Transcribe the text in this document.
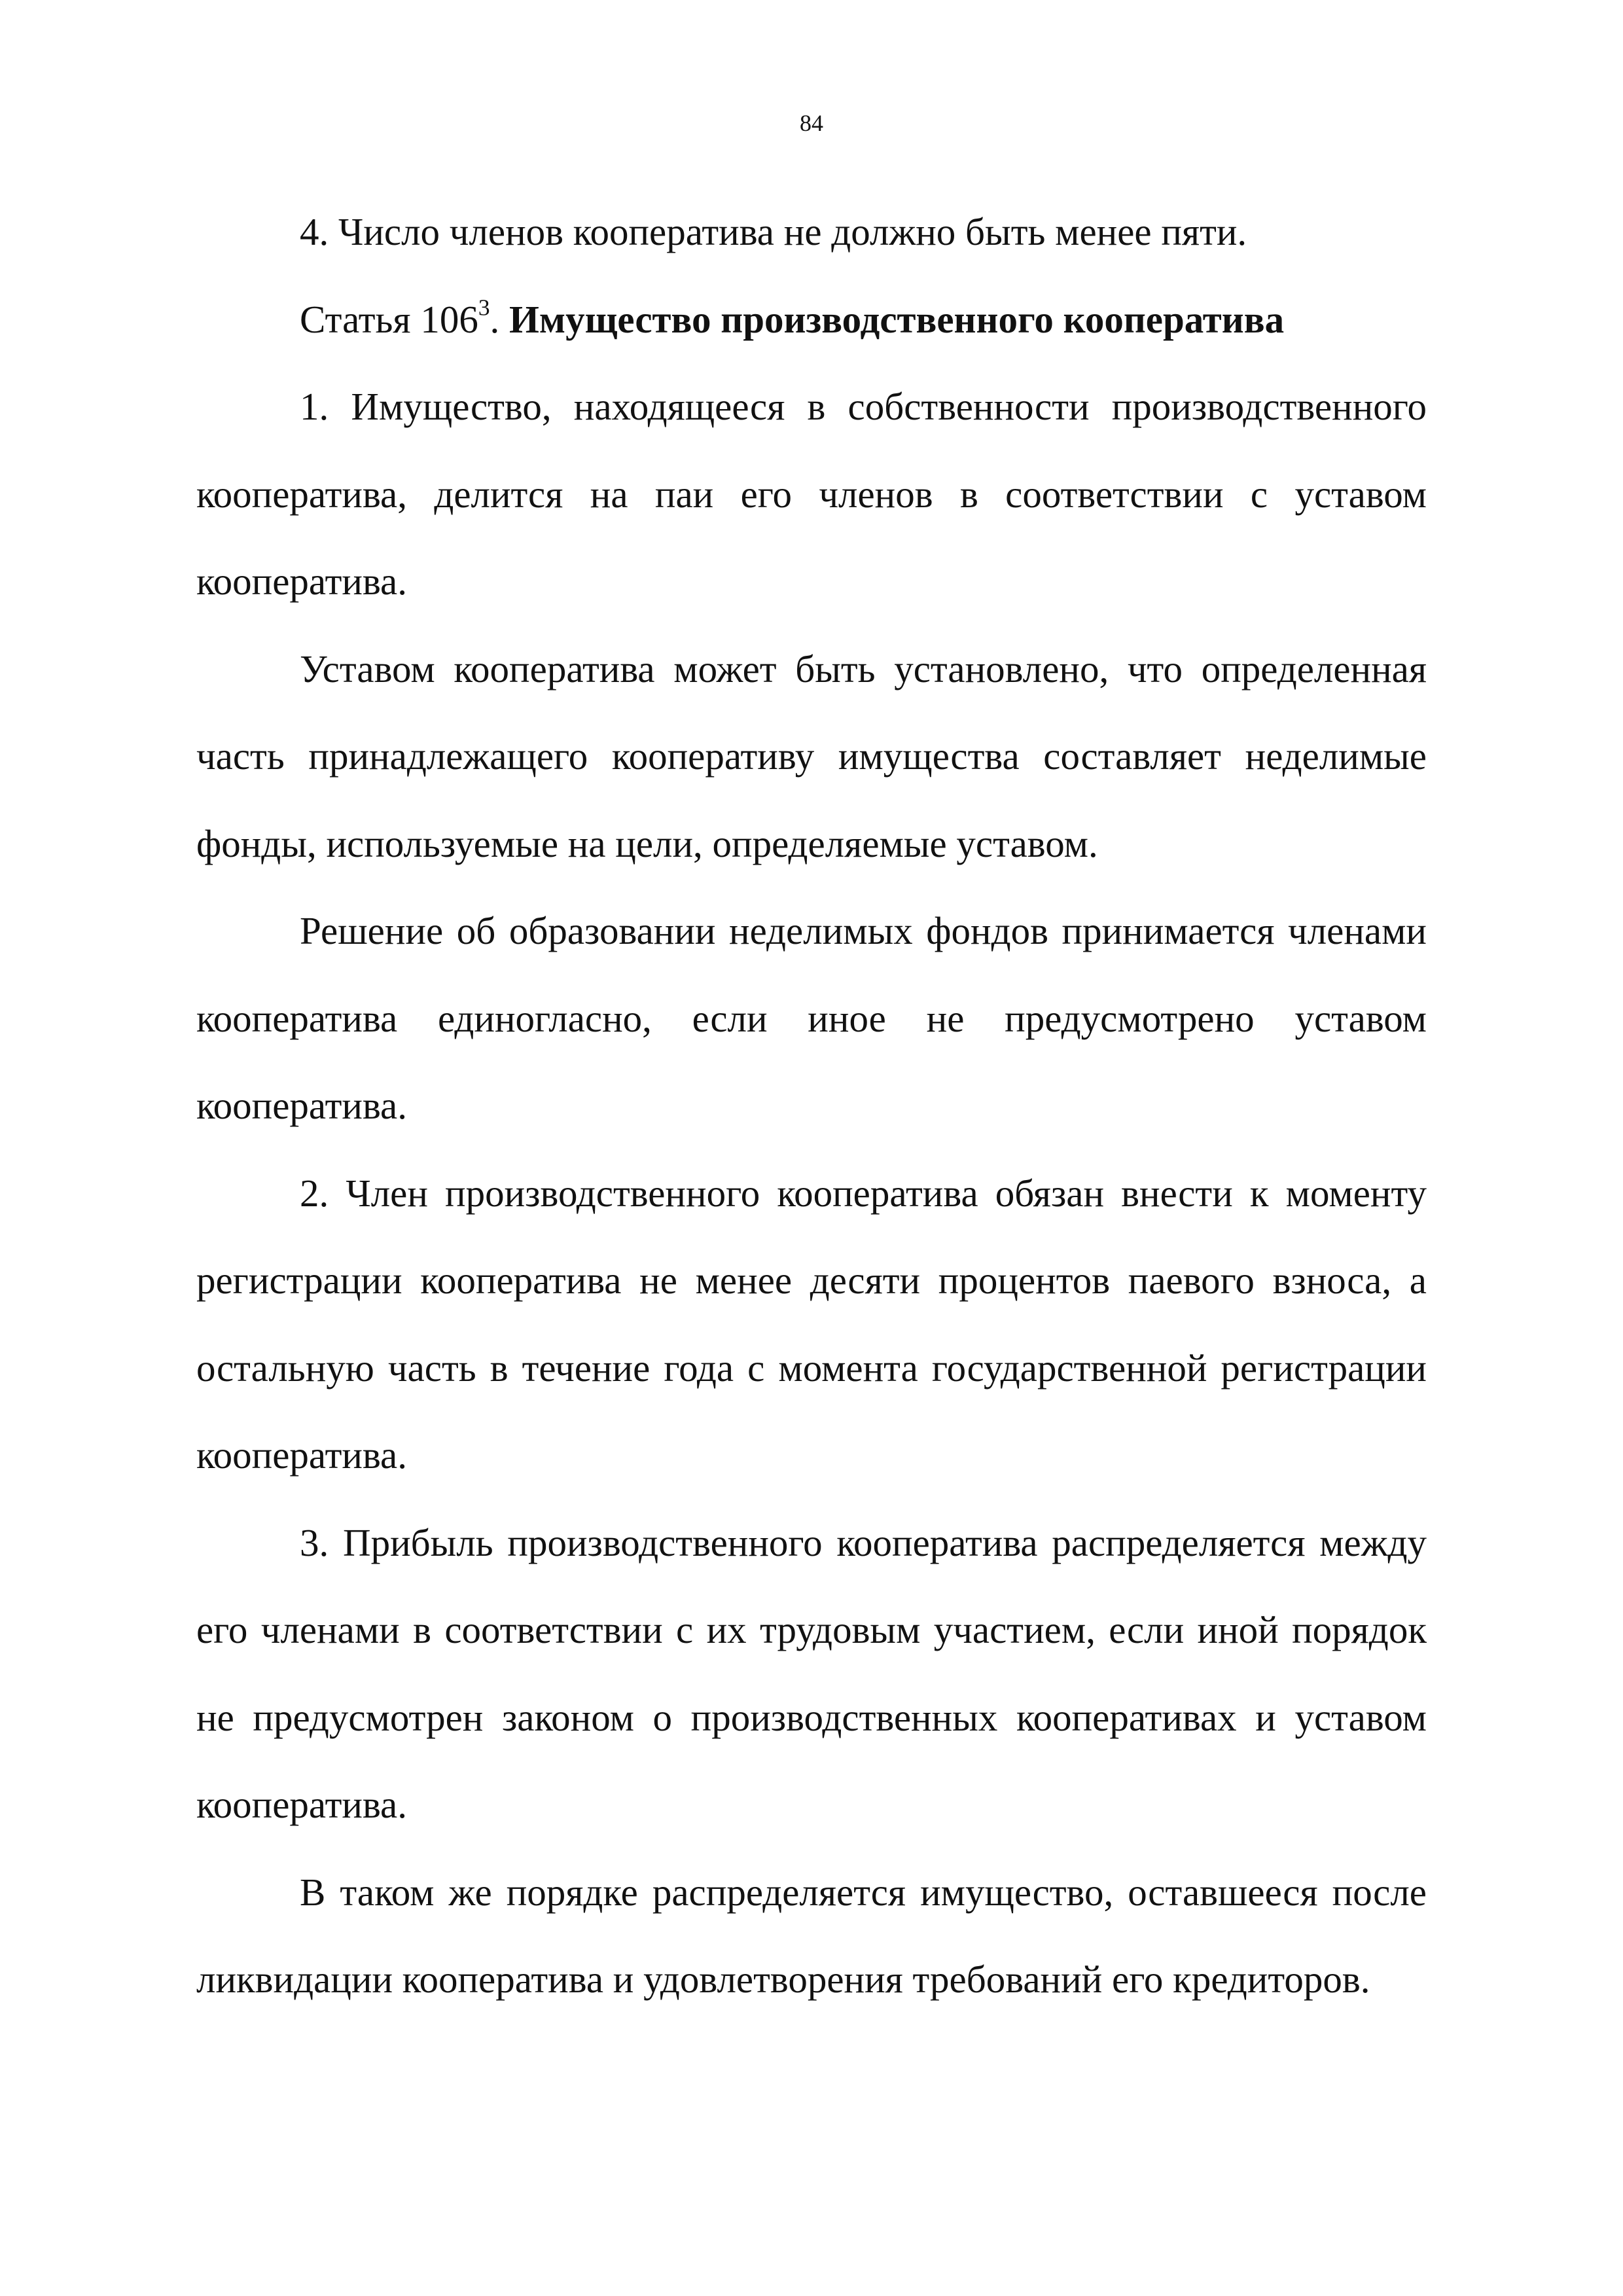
84

4. Число членов кооператива не должно быть менее пяти.

Статья $106^3$. Имущество производственного кооператива

1. Имущество, находящееся в собственности производственного кооператива, делится на паи его членов в соответствии с уставом кооператива.

Уставом кооператива может быть установлено, что определенная часть принадлежащего кооперативу имущества составляет неделимые фонды, используемые на цели, определяемые уставом.

Решение об образовании неделимых фондов принимается членами кооператива единогласно, если иное не предусмотрено уставом кооператива.

2. Член производственного кооператива обязан внести к моменту регистрации кооператива не менее десяти процентов паевого взноса, а остальную часть в течение года с момента государственной регистрации кооператива.

3. Прибыль производственного кооператива распределяется между его членами в соответствии с их трудовым участием, если иной порядок не предусмотрен законом о производственных кооперативах и уставом кооператива.

В таком же порядке распределяется имущество, оставшееся после ликвидации кооператива и удовлетворения требований его кредиторов.
